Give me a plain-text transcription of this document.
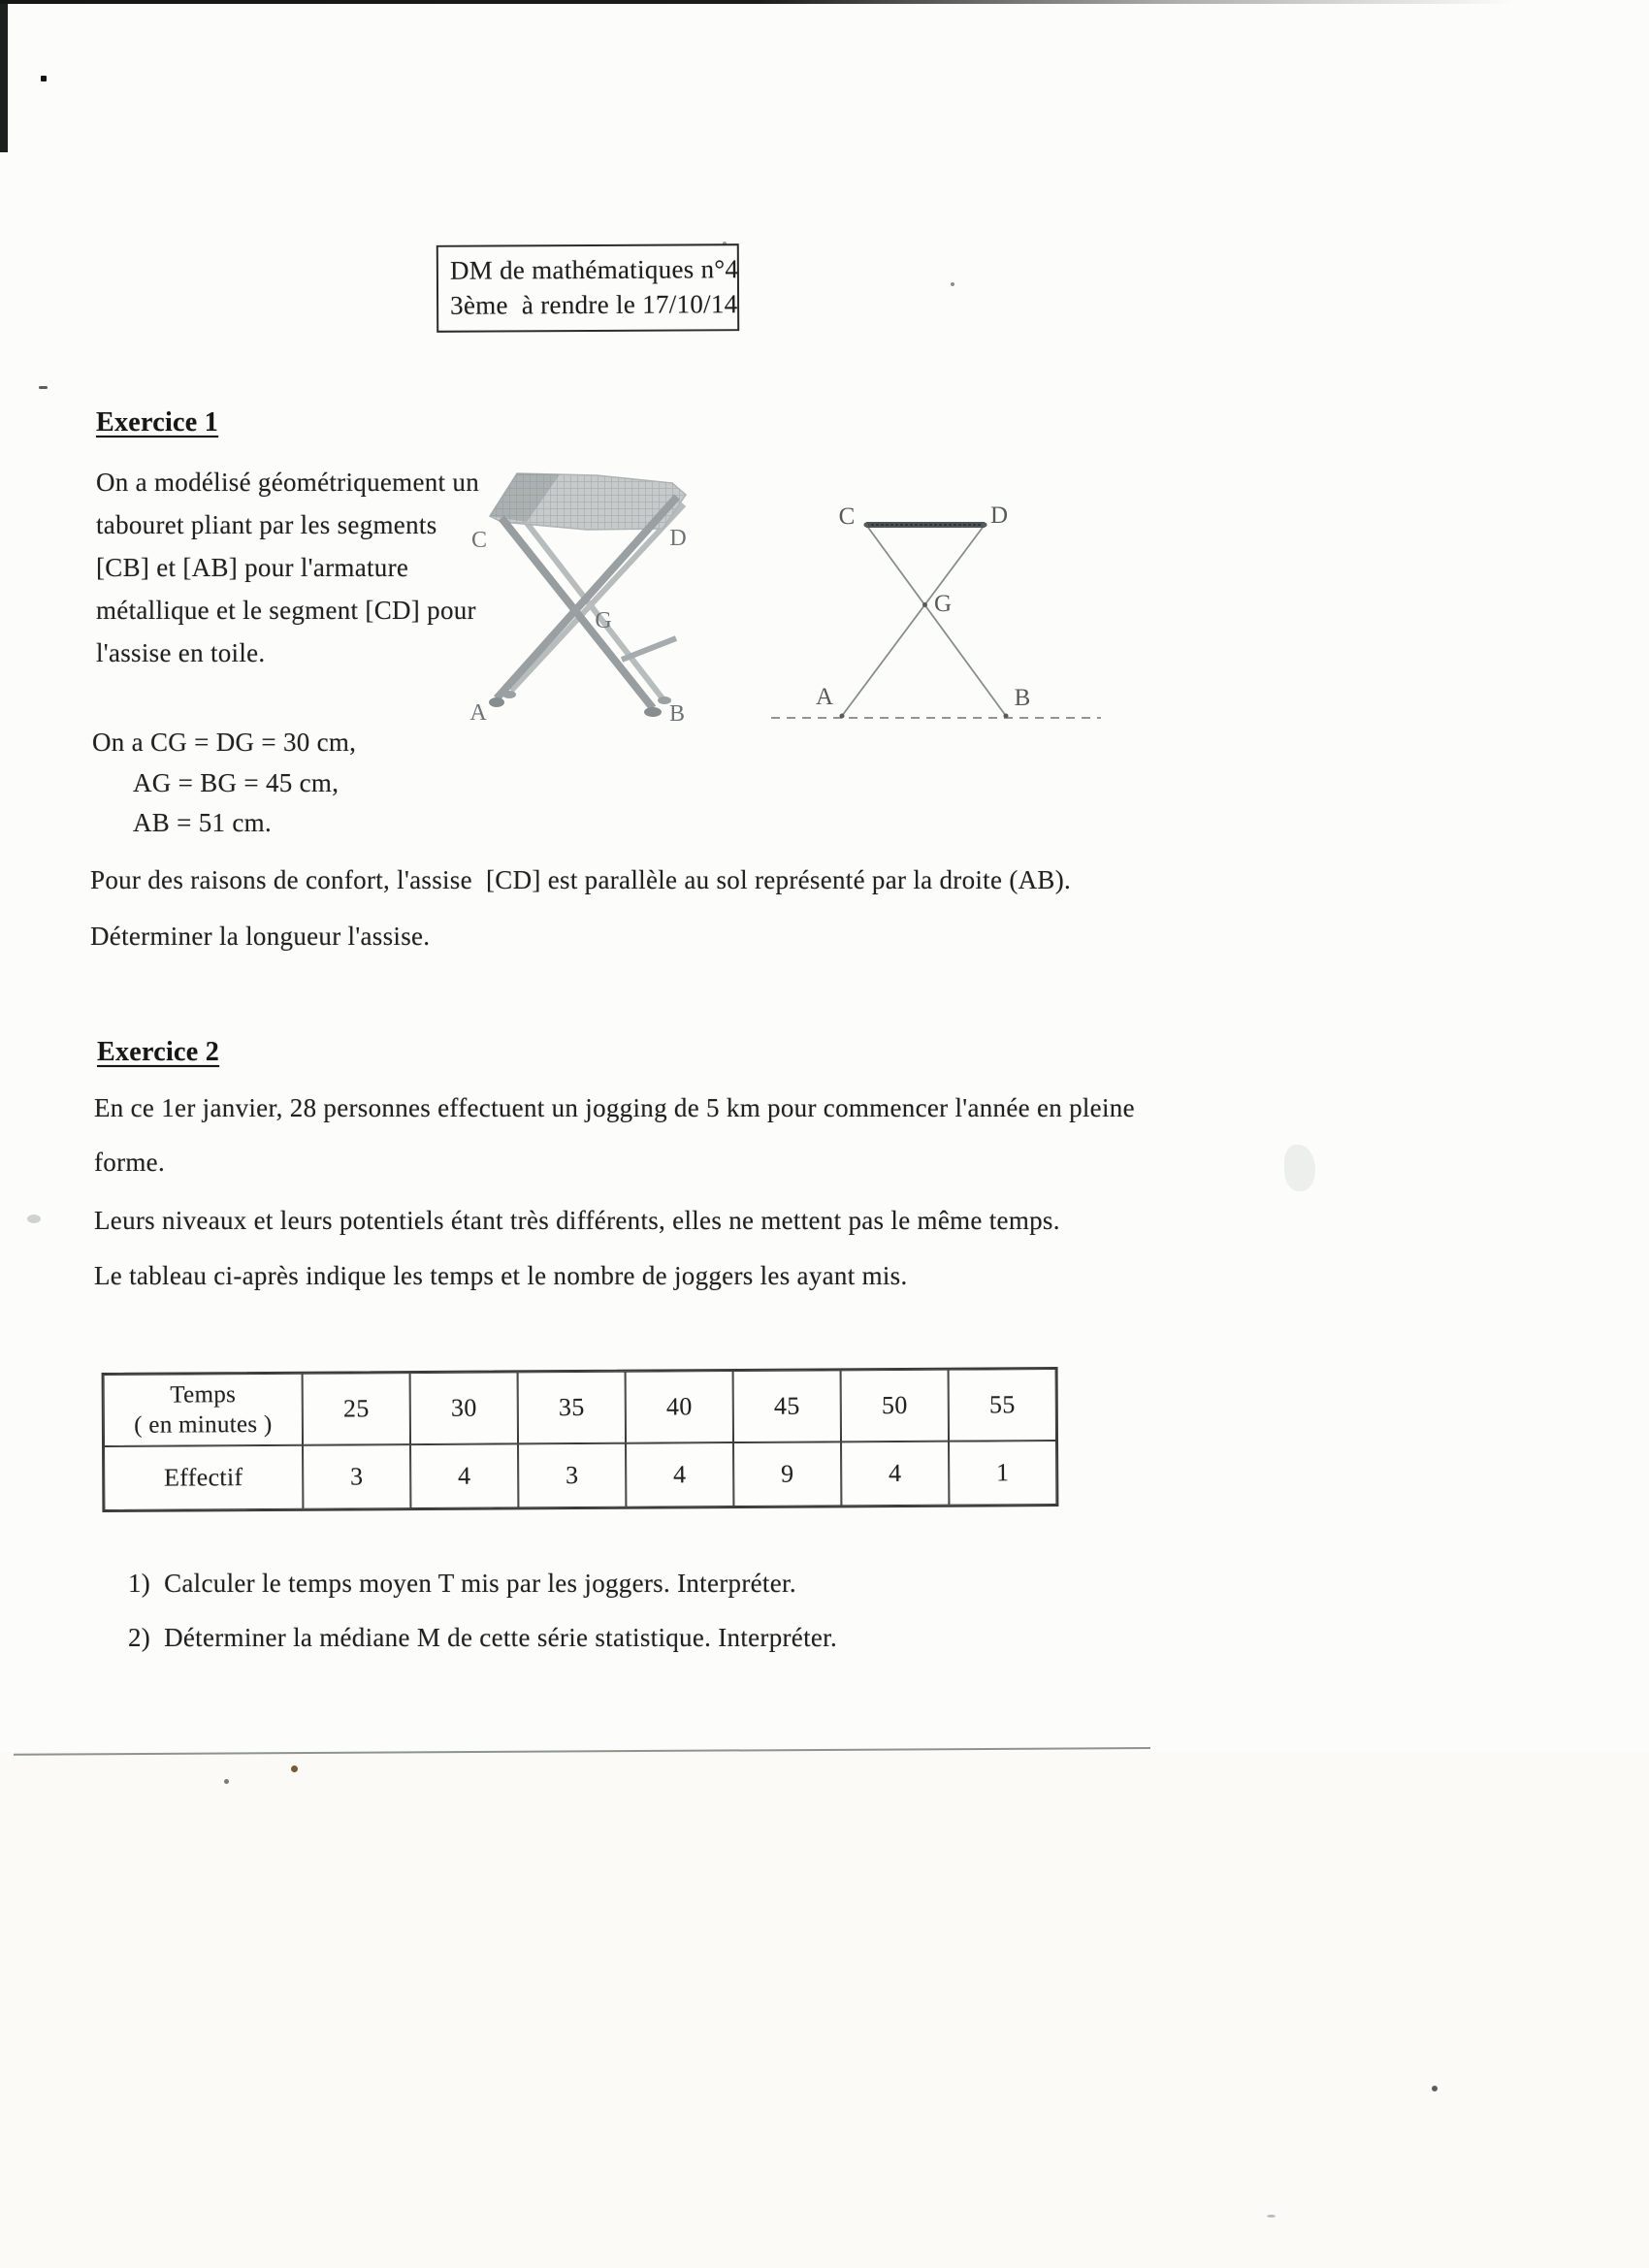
DM de mathématiques n°4
3ème  à rendre le 17/10/14
Exercice 1
On a modélisé géométriquement un
tabouret pliant par les segments
[CB] et [AB] pour l'armature
métallique et le segment [CD] pour
l'assise en toile.
C	D
G
A	B
C	D
G
A	B
On a CG = DG = 30 cm,
AG = BG = 45 cm,
AB = 51 cm.
Pour des raisons de confort, l'assise  [CD] est parallèle au sol représenté par la droite (AB).
Déterminer la longueur l'assise.
Exercice 2
En ce 1er janvier, 28 personnes effectuent un jogging de 5 km pour commencer l'année en pleine
forme.
Leurs niveaux et leurs potentiels étant très différents, elles ne mettent pas le même temps.
Le tableau ci-après indique les temps et le nombre de joggers les ayant mis.
Temps
( en minutes )
25	30	35	40	45	50	55
Effectif	3	4	3	4	9	4	1
1) Calculer le temps moyen T mis par les joggers. Interpréter.
2) Déterminer la médiane M de cette série statistique. Interpréter.
